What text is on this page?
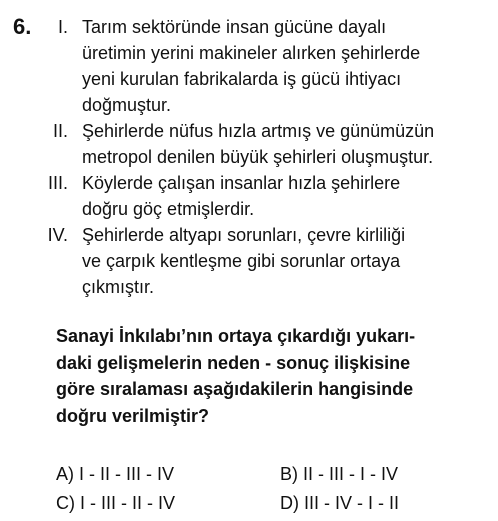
6.	I. Tarım sektöründe insan gücüne dayalı
üretimin yerini makineler alırken şehirlerde
yeni kurulan fabrikalarda iş gücü ihtiyacı
doğmuştur.
II. Şehirlerde nüfus hızla artmış ve günümüzün
metropol denilen büyük şehirleri oluşmuştur.
III. Köylerde çalışan insanlar hızla şehirlere
doğru göç etmişlerdir.
IV. Şehirlerde altyapı sorunları, çevre kirliliği
ve çarpık kentleşme gibi sorunlar ortaya
çıkmıştır.
Sanayi İnkılabı’nın ortaya çıkardığı yukarı-
daki gelişmelerin neden - sonuç ilişkisine
göre sıralaması aşağıdakilerin hangisinde
doğru verilmiştir?
A) I - II - III - IV	B) II - III - I - IV
C) I - III - II - IV	D) III - IV - I - II
